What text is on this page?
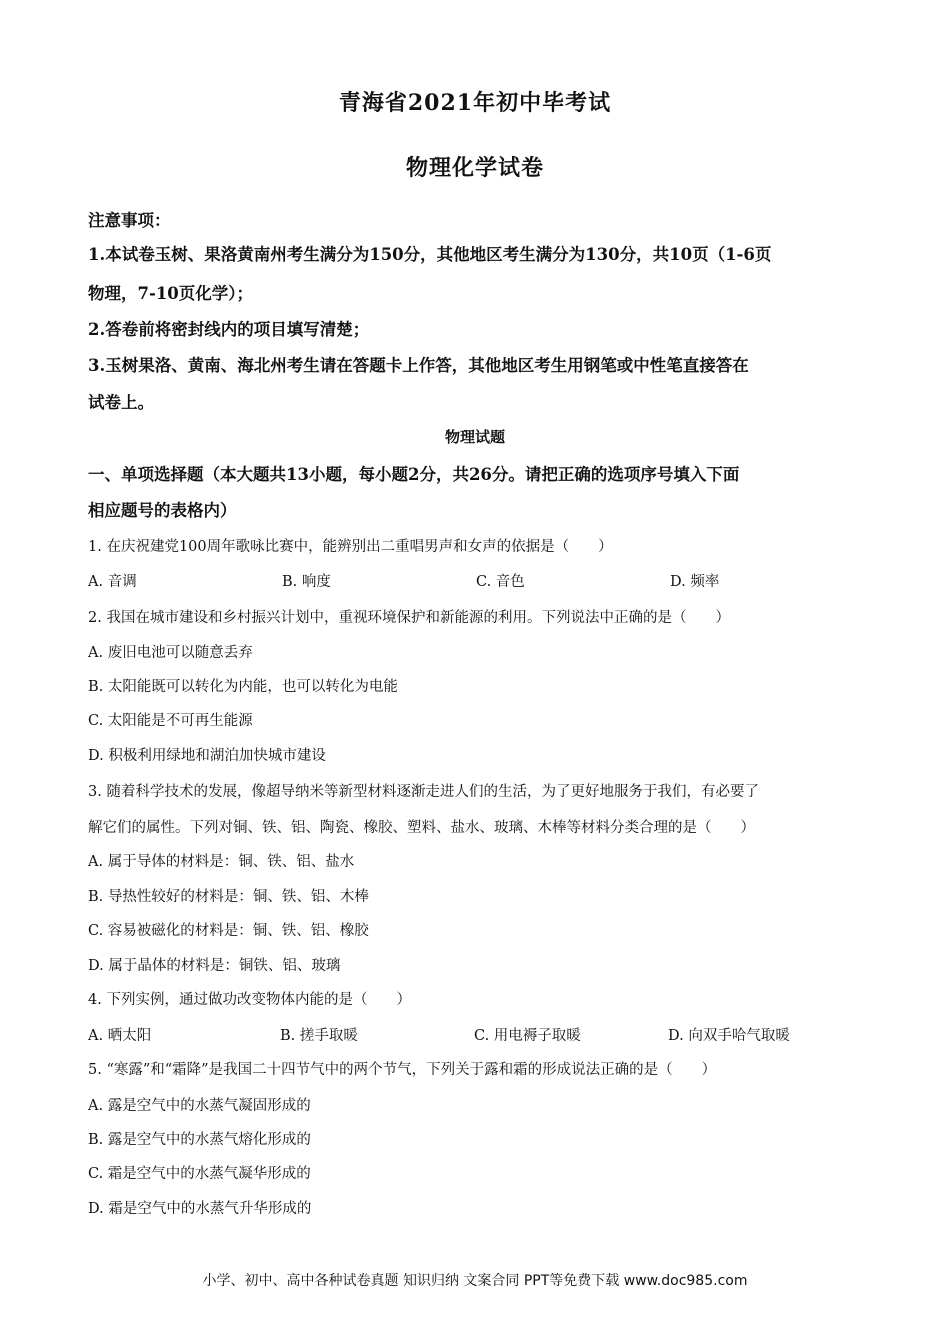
青海省2021年初中毕考试
物理化学试卷
注意事项：
1.本试卷玉树、果洛黄南州考生满分为150分，其他地区考生满分为130分，共10页（1-6页
物理，7-10页化学）；
2.答卷前将密封线内的项目填写清楚；
3.玉树果洛、黄南、海北州考生请在答题卡上作答，其他地区考生用钢笔或中性笔直接答在
试卷上。
物理试题
一、单项选择题（本大题共13小题，每小题2分，共26分。请把正确的选项序号填入下面
相应题号的表格内）
1. 在庆祝建党100周年歌咏比赛中，能辨别出二重唱男声和女声的依据是（　　）
A. 音调	B. 响度	C. 音色	D. 频率
2. 我国在城市建设和乡村振兴计划中，重视环境保护和新能源的利用。下列说法中正确的是（　　）
A. 废旧电池可以随意丢弃
B. 太阳能既可以转化为内能，也可以转化为电能
C. 太阳能是不可再生能源
D. 积极利用绿地和湖泊加快城市建设
3. 随着科学技术的发展，像超导纳米等新型材料逐渐走进人们的生活，为了更好地服务于我们，有必要了
解它们的属性。下列对铜、铁、铝、陶瓷、橡胶、塑料、盐水、玻璃、木棒等材料分类合理的是（　　）
A. 属于导体的材料是：铜、铁、铝、盐水
B. 导热性较好的材料是：铜、铁、铝、木棒
C. 容易被磁化的材料是：铜、铁、铝、橡胶
D. 属于晶体的材料是：铜铁、铝、玻璃
4. 下列实例，通过做功改变物体内能的是（　　）
A. 晒太阳	B. 搓手取暖	C. 用电褥子取暖	D. 向双手哈气取暖
5. “寒露”和“霜降”是我国二十四节气中的两个节气，下列关于露和霜的形成说法正确的是（　　）
A. 露是空气中的水蒸气凝固形成的
B. 露是空气中的水蒸气熔化形成的
C. 霜是空气中的水蒸气凝华形成的
D. 霜是空气中的水蒸气升华形成的
小学、初中、高中各种试卷真题 知识归纳 文案合同 PPT等免费下载 www.doc985.com
